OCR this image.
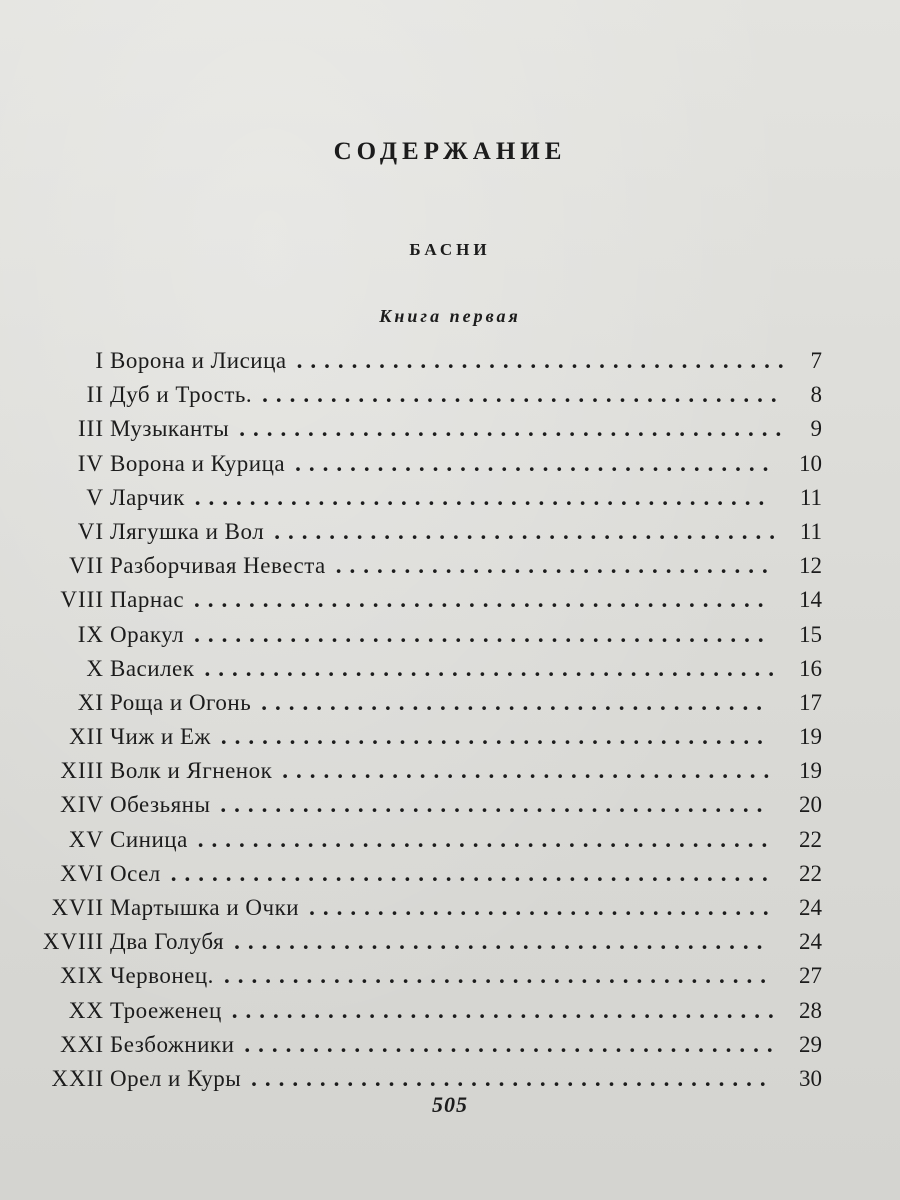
СОДЕРЖАНИЕ
БАСНИ
Книга первая
I Ворона и Лисица .................................... 7
II Дуб и Трость. ...................................... 8
III Музыканты ........................................ 9
IV Ворона и Курица ................................... 10
V Ларчик .......................................... 11
VI Лягушка и Вол ..................................... 11
VII Разборчивая Невеста ................................ 12
VIII Парнас .......................................... 14
IX Оракул .......................................... 15
X Василек .......................................... 16
XI Роща и Огонь ..................................... 17
XII Чиж и Еж ........................................ 19
XIII Волк и Ягненок .................................... 19
XIV Обезьяны ........................................ 20
XV Синица .......................................... 22
XVI Осел ............................................ 22
XVII Мартышка и Очки .................................. 24
XVIII Два Голубя ....................................... 24
XIX Червонец. ........................................ 27
XX Троеженец ........................................ 28
XXI Безбожники ....................................... 29
XXII Орел и Куры ...................................... 30
505
